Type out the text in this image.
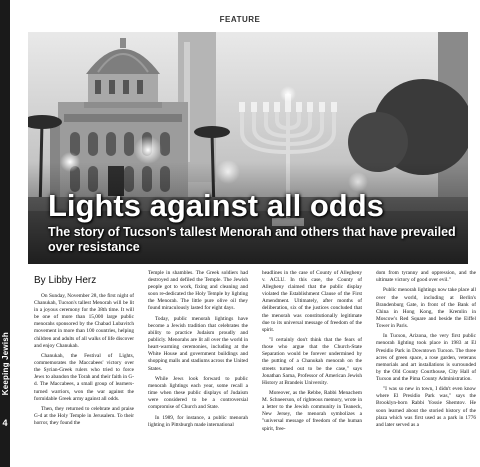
Keeping Jewish
4
FEATURE
Lights against all odds

The story of Tucson's tallest Menorah and others that have prevailed over resistance

By Libby Herz

On Sunday, November 28, the first night of Chanukah, Tucson's tallest Menorah will be lit in a joyous ceremony for the 38th time. It will be one of more than 15,000 large public menorahs sponsored by the Chabad Lubavitch movement in more than 100 countries, helping children and adults of all walks of life discover and enjoy Chanukah.

Chanukah, the Festival of Lights, commemorates the Maccabees' victory over the Syrian-Greek rulers who tried to force Jews to abandon the Torah and their faith in G-d. The Maccabees, a small group of learners-turned warriors, won the war against the formidable Greek army against all odds.

Then, they returned to celebrate and praise G-d at the Holy Temple in Jerusalem. To their horror, they found the

Temple in shambles. The Greek soldiers had destroyed and defiled the Temple. The Jewish people got to work, fixing and cleaning and soon re-dedicated the Holy Temple by lighting the Menorah. The little pure olive oil they found miraculously lasted for eight days.

Today, public menorah lightings have become a Jewish tradition that celebrates the ability to practice Judaism proudly and publicly. Menorahs are lit all over the world in heart-warming ceremonies, including at the White House and government buildings and shopping malls and stadiums across the United States.

While Jews look forward to public menorah lightings each year, some recall a time when these public displays of Judaism were considered to be a controversial compromise of Church and State.

In 1989, for instance, a public menorah lighting in Pittsburgh made international

headlines in the case of County of Allegheny v. ACLU. In this case, the County of Allegheny claimed that the public display violated the Establishment Clause of the First Amendment. Ultimately, after months of deliberation, six of the justices concluded that the menorah was constitutionally legitimate due to its universal message of freedom of the spirit.

"I certainly don't think that the fears of those who argue that the Church-State Separation would be forever undermined by the putting of a Chanukah menorah on the streets turned out to be the case," says Jonathan Sarna, Professor of American Jewish History at Brandeis University.

Moreover, as the Rebbe, Rabbi Menachem M. Schneerson, of righteous memory, wrote in a letter to the Jewish community in Teaneck, New Jersey, the menorah symbolizes a "universal message of freedom of the human spirit, free-

dom from tyranny and oppression, and the ultimate victory of good over evil."

Public menorah lightings now take place all over the world, including at Berlin's Brandenburg Gate, in front of the Bank of China in Hong Kong, the Kremlin in Moscow's Red Square and beside the Eiffel Tower in Paris.

In Tucson, Arizona, the very first public menorah lighting took place in 1983 at El Presidio Park in Downtown Tucson. The three acres of green space, a rose garden, veterans memorials and art installations is surrounded by the Old County Courthouse, City Hall of Tucson and the Pima County Administration.

"I was so new in town, I didn't even know where El Presidio Park was," says the Brooklyn-born Rabbi Yossie Shemtov. He soon learned about the storied history of the plaza which was first used as a park in 1776 and later served as a
